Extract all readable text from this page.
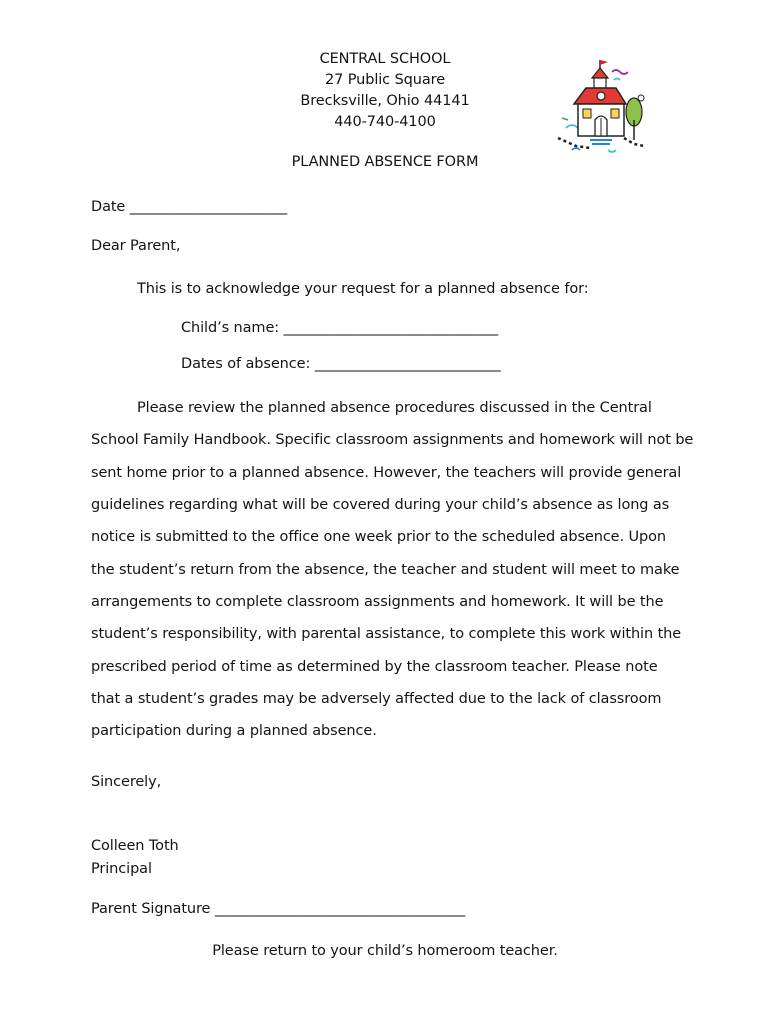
CENTRAL SCHOOL
27 Public Square
Brecksville, Ohio 44141
440-740-4100
PLANNED ABSENCE FORM
Date ______________________
Dear Parent,
This is to acknowledge your request for a planned absence for:
Child’s name: ______________________________
Dates of absence: __________________________
Please review the planned absence procedures discussed in the Central
School Family Handbook. Specific classroom assignments and homework will not be
sent home prior to a planned absence. However, the teachers will provide general
guidelines regarding what will be covered during your child’s absence as long as
notice is submitted to the office one week prior to the scheduled absence. Upon
the student’s return from the absence, the teacher and student will meet to make
arrangements to complete classroom assignments and homework. It will be the
student’s responsibility, with parental assistance, to complete this work within the
prescribed period of time as determined by the classroom teacher. Please note
that a student’s grades may be adversely affected due to the lack of classroom
participation during a planned absence.
Sincerely,
Colleen Toth
Principal
Parent Signature ___________________________________
Please return to your child’s homeroom teacher.
